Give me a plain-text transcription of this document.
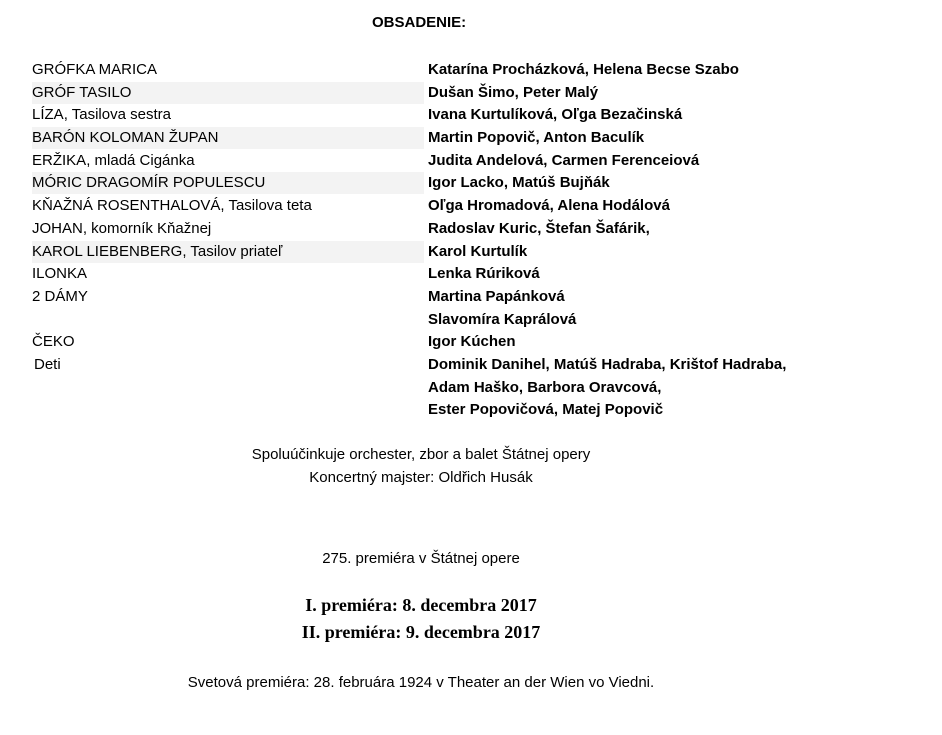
OBSADENIE:
GRÓFKA MARICA	Katarína Procházková, Helena Becse Szabo
GRÓF TASILO	Dušan Šimo, Peter Malý
LÍZA, Tasilova sestra	Ivana Kurtulíková, Oľga Bezačinská
BARÓN KOLOMAN ŽUPAN	Martin Popovič, Anton Baculík
ERŽIKA, mladá Cigánka	Judita Andelová, Carmen Ferenceiová
MÓRIC DRAGOMÍR POPULESCU	Igor Lacko, Matúš Bujňák
KŇAŽNÁ ROSENTHALOVÁ, Tasilova teta	Oľga Hromadová, Alena Hodálová
JOHAN, komorník Kňažnej	Radoslav Kuric, Štefan Šafárik,
KAROL LIEBENBERG, Tasilov priateľ	Karol Kurtulík
ILONKA	Lenka Rúriková
2 DÁMY	Martina Papánková
Slavomíra Kaprálová
ČEKO	Igor Kúchen
Deti	Dominik Danihel, Matúš Hadraba, Krištof Hadraba,
Adam Haško, Barbora Oravcová,
Ester Popovičová, Matej Popovič
Spoluúčinkuje orchester, zbor a balet Štátnej opery
Koncertný majster: Oldřich Husák
275. premiéra v Štátnej opere
I. premiéra: 8. decembra 2017
II. premiéra: 9. decembra 2017
Svetová premiéra: 28. februára 1924 v Theater an der Wien vo Viedni.
